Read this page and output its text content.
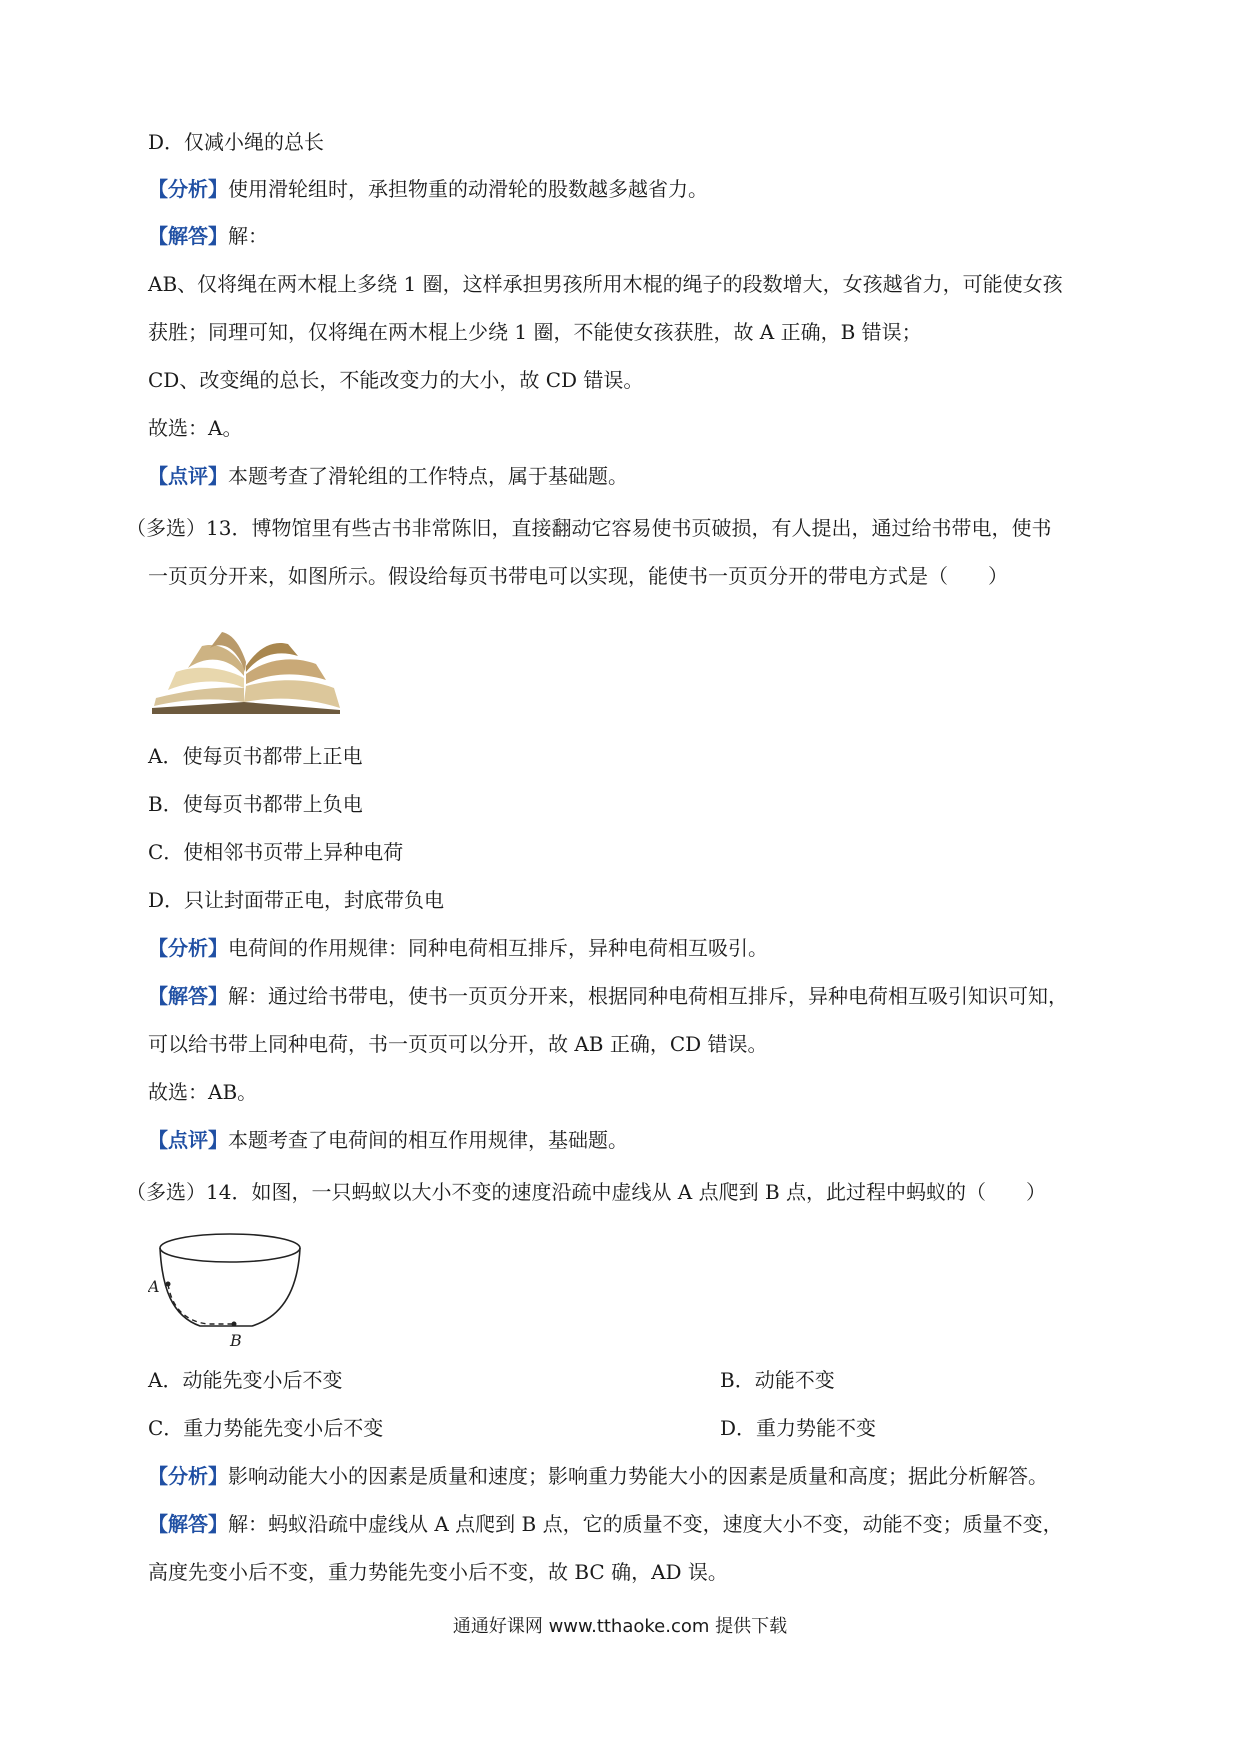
D．仅减小绳的总长
【分析】使用滑轮组时，承担物重的动滑轮的股数越多越省力。
【解答】解：
AB、仅将绳在两木棍上多绕 1 圈，这样承担男孩所用木棍的绳子的段数增大，女孩越省力，可能使女孩
获胜；同理可知，仅将绳在两木棍上少绕 1 圈，不能使女孩获胜，故 A 正确，B 错误；
CD、改变绳的总长，不能改变力的大小，故 CD 错误。
故选：A。
【点评】本题考查了滑轮组的工作特点，属于基础题。
（多选）13．博物馆里有些古书非常陈旧，直接翻动它容易使书页破损，有人提出，通过给书带电，使书
一页页分开来，如图所示。假设给每页书带电可以实现，能使书一页页分开的带电方式是（　　）
A．使每页书都带上正电
B．使每页书都带上负电
C．使相邻书页带上异种电荷
D．只让封面带正电，封底带负电
【分析】电荷间的作用规律：同种电荷相互排斥，异种电荷相互吸引。
【解答】解：通过给书带电，使书一页页分开来，根据同种电荷相互排斥，异种电荷相互吸引知识可知，
可以给书带上同种电荷，书一页页可以分开，故 AB 正确，CD 错误。
故选：AB。
【点评】本题考查了电荷间的相互作用规律，基础题。
（多选）14．如图，一只蚂蚁以大小不变的速度沿疏中虚线从 A 点爬到 B 点，此过程中蚂蚁的（　　）
A
B
A．动能先变小后不变	B．动能不变
C．重力势能先变小后不变	D．重力势能不变
【分析】影响动能大小的因素是质量和速度；影响重力势能大小的因素是质量和高度；据此分析解答。
【解答】解：蚂蚁沿疏中虚线从 A 点爬到 B 点，它的质量不变，速度大小不变，动能不变；质量不变，
高度先变小后不变，重力势能先变小后不变，故 BC 确，AD 误。
通通好课网 www.tthaoke.com 提供下载
